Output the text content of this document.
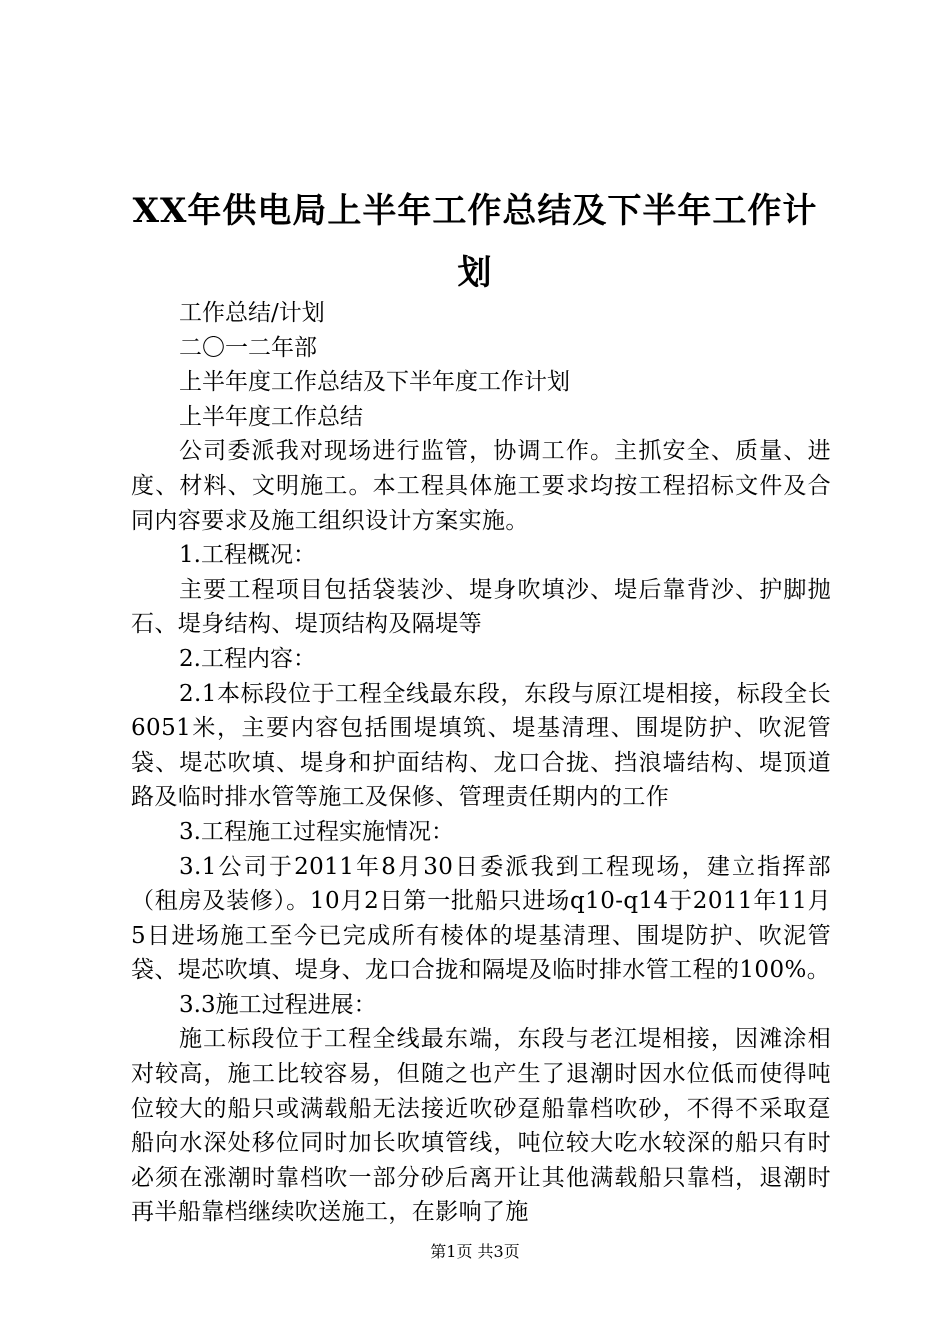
XX年供电局上半年工作总结及下半年工作计
划

工作总结/计划

二〇一二年部

上半年度工作总结及下半年度工作计划

上半年度工作总结

公司委派我对现场进行监管，协调工作。主抓安全、质量、进度、材料、文明施工。本工程具体施工要求均按工程招标文件及合同内容要求及施工组织设计方案实施。

1.工程概况：

主要工程项目包括袋装沙、堤身吹填沙、堤后靠背沙、护脚抛石、堤身结构、堤顶结构及隔堤等

2.工程内容：

2.1本标段位于工程全线最东段，东段与原江堤相接，标段全长6051米，主要内容包括围堤填筑、堤基清理、围堤防护、吹泥管袋、堤芯吹填、堤身和护面结构、龙口合拢、挡浪墙结构、堤顶道路及临时排水管等施工及保修、管理责任期内的工作

3.工程施工过程实施情况：

3.1公司于2011年8月30日委派我到工程现场，建立指挥部（租房及装修）。10月2日第一批船只进场q10-q14于2011年11月5日进场施工至今已完成所有棱体的堤基清理、围堤防护、吹泥管袋、堤芯吹填、堤身、龙口合拢和隔堤及临时排水管工程的100%。

3.3施工过程进展：

施工标段位于工程全线最东端，东段与老江堤相接，因滩涂相对较高，施工比较容易，但随之也产生了退潮时因水位低而使得吨位较大的船只或满载船无法接近吹砂趸船靠档吹砂，不得不采取趸船向水深处移位同时加长吹填管线，吨位较大吃水较深的船只有时必须在涨潮时靠档吹一部分砂后离开让其他满载船只靠档，退潮时再半船靠档继续吹送施工，在影响了施

第1页 共3页
